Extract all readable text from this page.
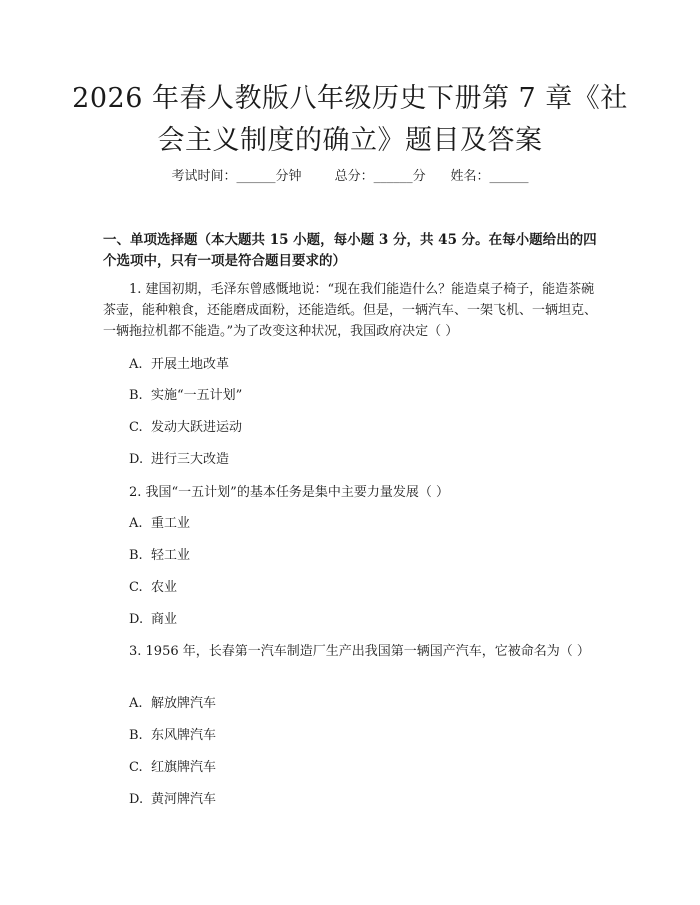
2026 年春人教版八年级历史下册第 7 章《社
会主义制度的确立》题目及答案
考试时间：______分钟	总分：______分 姓名：______
一、单项选择题（本大题共 15 小题，每小题 3 分，共 45 分。在每小题给出的四
个选项中，只有一项是符合题目要求的）
1. 建国初期，毛泽东曾感慨地说：“现在我们能造什么？能造桌子椅子，能造茶碗茶壶，能种粮食，还能磨成面粉，还能造纸。但是，一辆汽车、一架飞机、一辆坦克、一辆拖拉机都不能造。”为了改变这种状况，我国政府决定（ ）
A. 开展土地改革
B. 实施“一五计划”
C. 发动大跃进运动
D. 进行三大改造
2. 我国“一五计划”的基本任务是集中主要力量发展（ ）
A. 重工业
B. 轻工业
C. 农业
D. 商业
3. 1956 年，长春第一汽车制造厂生产出我国第一辆国产汽车，它被命名为（ ）
A. 解放牌汽车
B. 东风牌汽车
C. 红旗牌汽车
D. 黄河牌汽车
